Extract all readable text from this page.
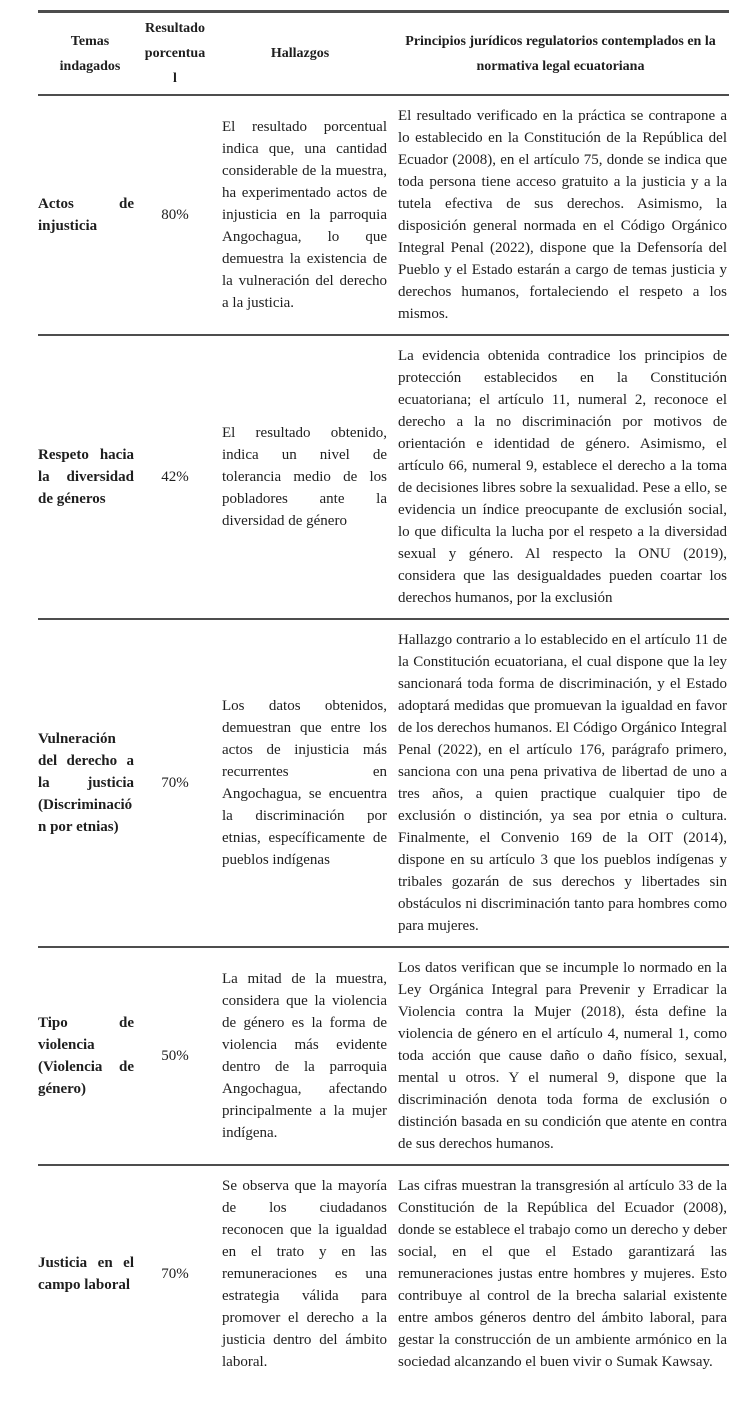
Temas indagados	Resultado porcentual	Hallazgos	Principios jurídicos regulatorios contemplados en la normativa legal ecuatoriana
Actos de injusticia	80%	El resultado porcentual indica que, una cantidad considerable de la muestra, ha experimentado actos de injusticia en la parroquia Angochagua, lo que demuestra la existencia de la vulneración del derecho a la justicia.	El resultado verificado en la práctica se contrapone a lo establecido en la Constitución de la República del Ecuador (2008), en el artículo 75, donde se indica que toda persona tiene acceso gratuito a la justicia y a la tutela efectiva de sus derechos. Asimismo, la disposición general normada en el Código Orgánico Integral Penal (2022), dispone que la Defensoría del Pueblo y el Estado estarán a cargo de temas justicia y derechos humanos, fortaleciendo el respeto a los mismos.
Respeto hacia la diversidad de géneros	42%	El resultado obtenido, indica un nivel de tolerancia medio de los pobladores ante la diversidad de género	La evidencia obtenida contradice los principios de protección establecidos en la Constitución ecuatoriana; el artículo 11, numeral 2, reconoce el derecho a la no discriminación por motivos de orientación e identidad de género. Asimismo, el artículo 66, numeral 9, establece el derecho a la toma de decisiones libres sobre la sexualidad. Pese a ello, se evidencia un índice preocupante de exclusión social, lo que dificulta la lucha por el respeto a la diversidad sexual y género. Al respecto la ONU (2019), considera que las desigualdades pueden coartar los derechos humanos, por la exclusión
Vulneración del derecho a la justicia (Discriminación por etnias)	70%	Los datos obtenidos, demuestran que entre los actos de injusticia más recurrentes en Angochagua, se encuentra la discriminación por etnias, específicamente de pueblos indígenas	Hallazgo contrario a lo establecido en el artículo 11 de la Constitución ecuatoriana, el cual dispone que la ley sancionará toda forma de discriminación, y el Estado adoptará medidas que promuevan la igualdad en favor de los derechos humanos. El Código Orgánico Integral Penal (2022), en el artículo 176, parágrafo primero, sanciona con una pena privativa de libertad de uno a tres años, a quien practique cualquier tipo de exclusión o distinción, ya sea por etnia o cultura. Finalmente, el Convenio 169 de la OIT (2014), dispone en su artículo 3 que los pueblos indígenas y tribales gozarán de sus derechos y libertades sin obstáculos ni discriminación tanto para hombres como para mujeres.
Tipo de violencia (Violencia de género)	50%	La mitad de la muestra, considera que la violencia de género es la forma de violencia más evidente dentro de la parroquia Angochagua, afectando principalmente a la mujer indígena.	Los datos verifican que se incumple lo normado en la Ley Orgánica Integral para Prevenir y Erradicar la Violencia contra la Mujer (2018), ésta define la violencia de género en el artículo 4, numeral 1, como toda acción que cause daño o daño físico, sexual, mental u otros. Y el numeral 9, dispone que la discriminación denota toda forma de exclusión o distinción basada en su condición que atente en contra de sus derechos humanos.
Justicia en el campo laboral	70%	Se observa que la mayoría de los ciudadanos reconocen que la igualdad en el trato y en las remuneraciones es una estrategia válida para promover el derecho a la justicia dentro del ámbito laboral.	Las cifras muestran la transgresión al artículo 33 de la Constitución de la República del Ecuador (2008), donde se establece el trabajo como un derecho y deber social, en el que el Estado garantizará las remuneraciones justas entre hombres y mujeres. Esto contribuye al control de la brecha salarial existente entre ambos géneros dentro del ámbito laboral, para gestar la construcción de un ambiente armónico en la sociedad alcanzando el buen vivir o Sumak Kawsay.
